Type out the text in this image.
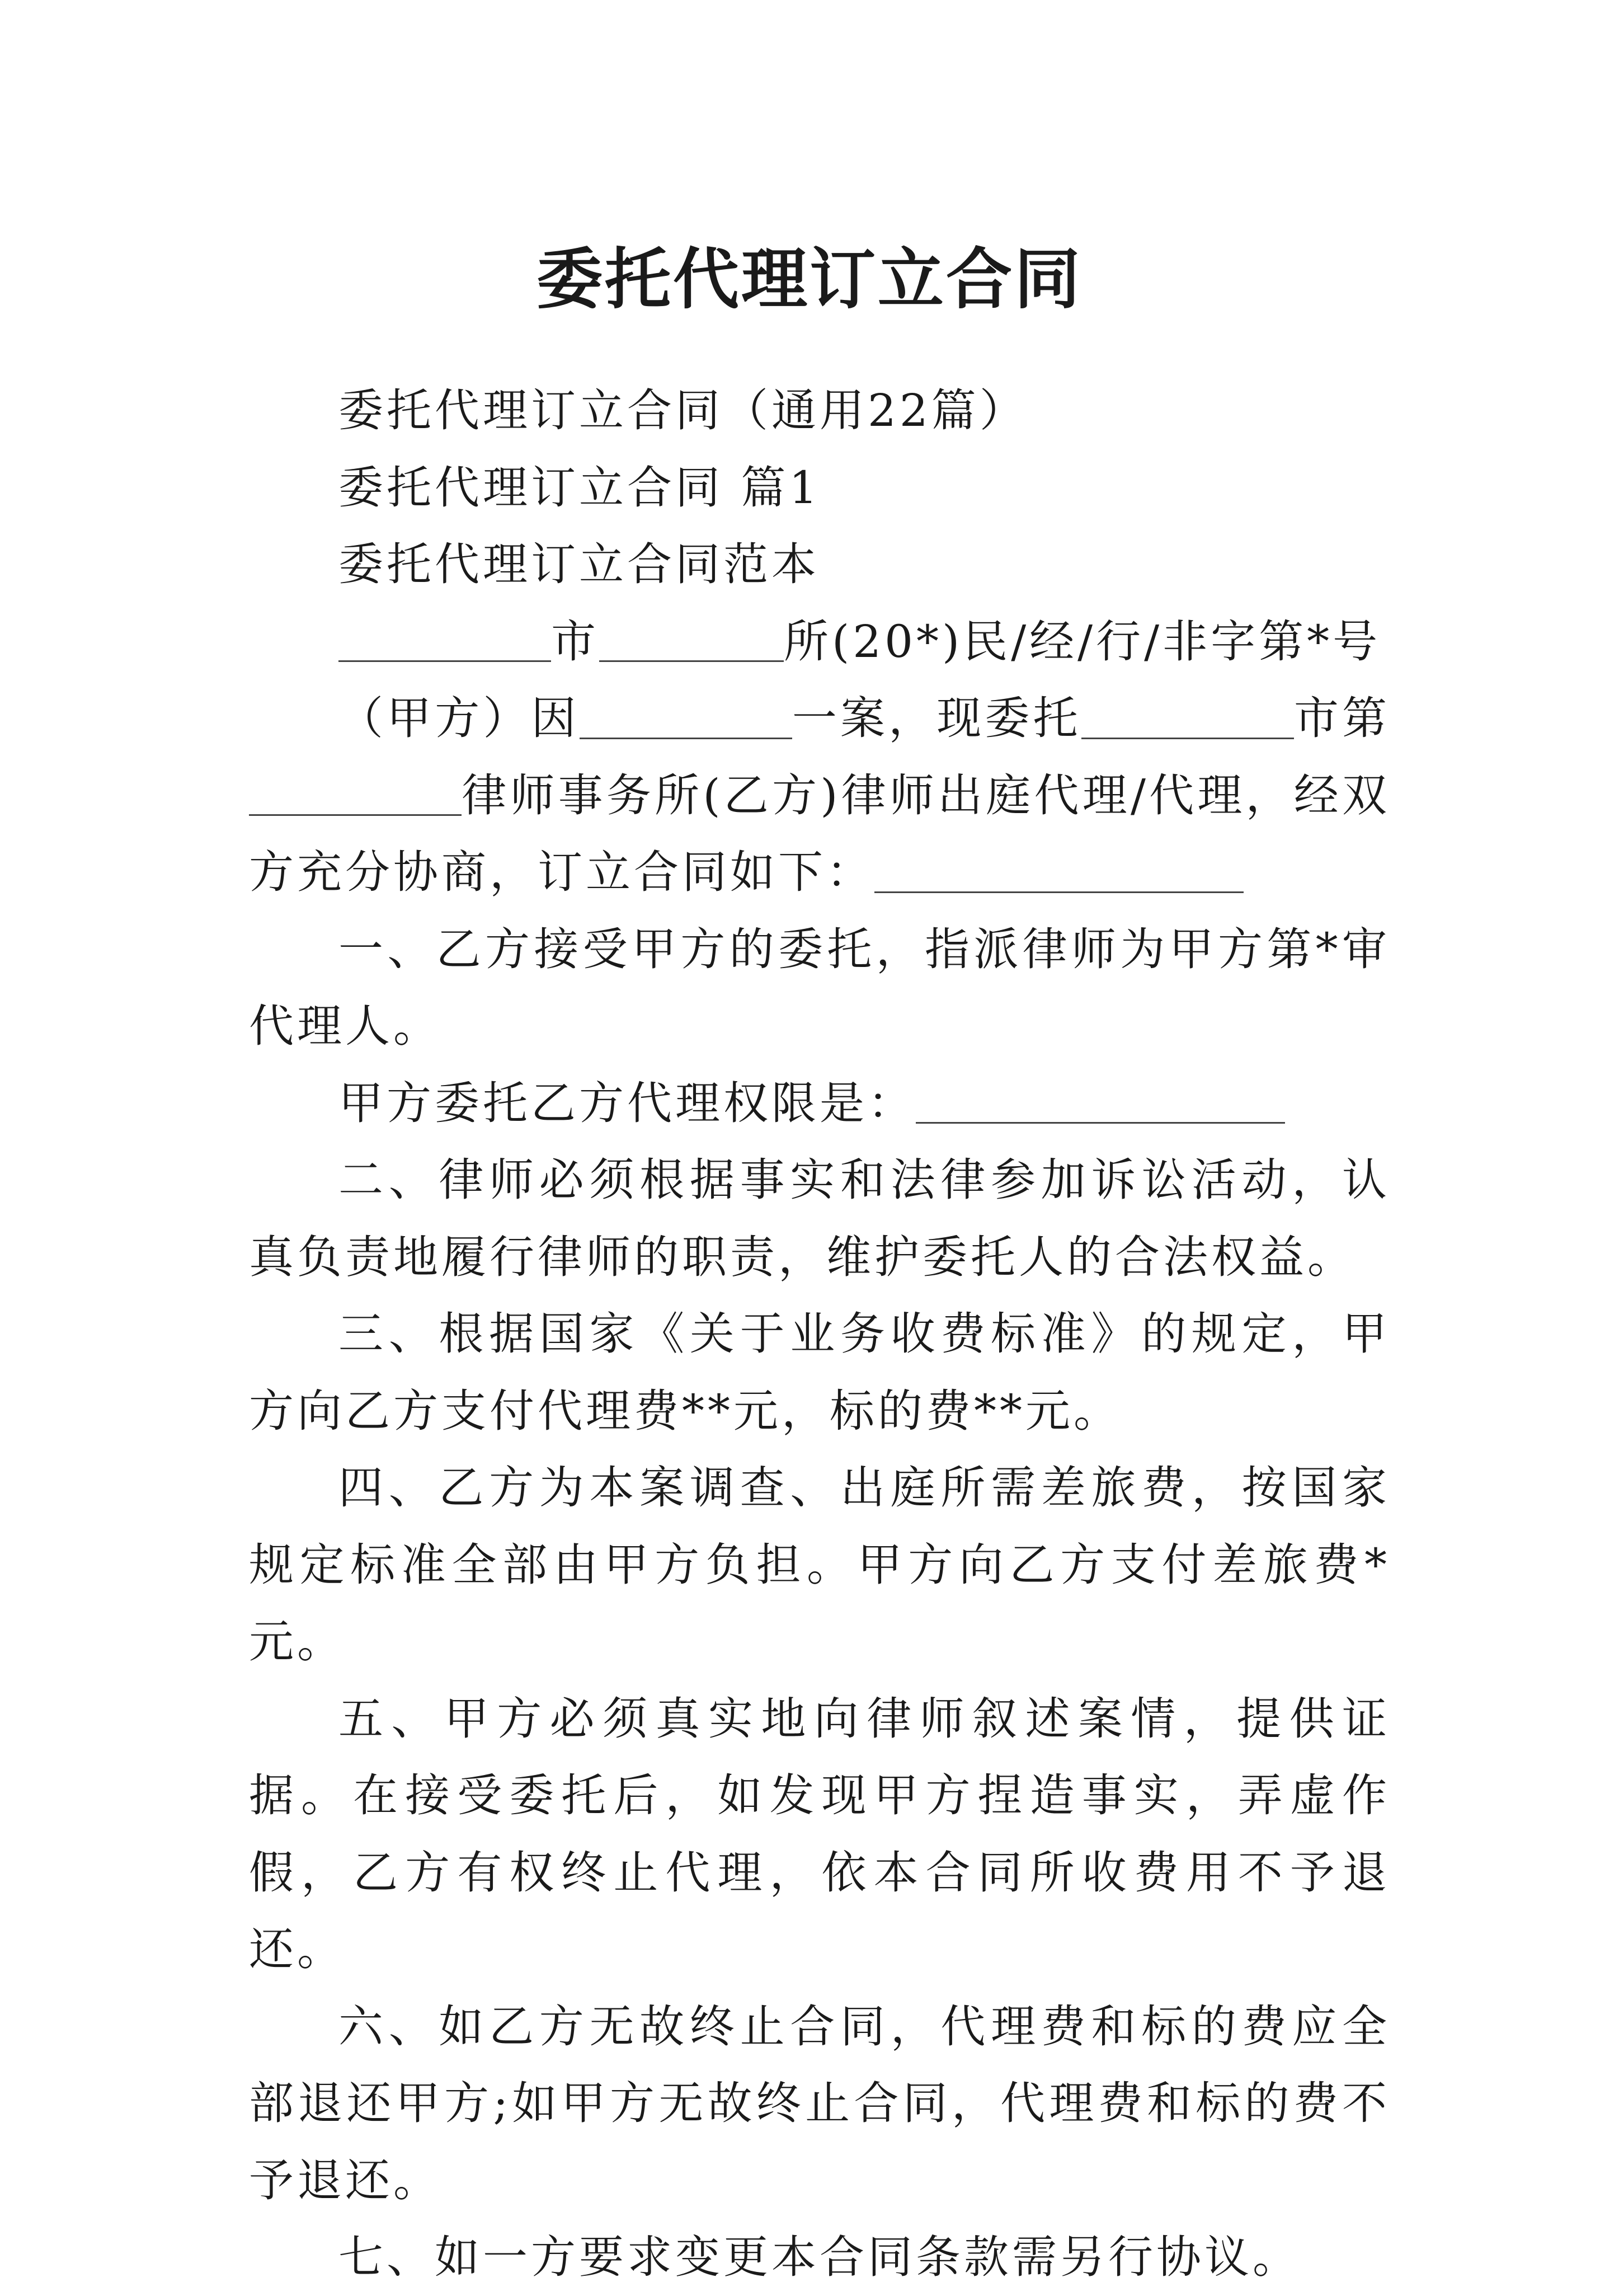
委托代理订立合同

委托代理订立合同（通用22篇）

委托代理订立合同 篇1

委托代理订立合同范本

市	所(20*)民/经/行/非字第*号

（甲方）因	一案，现委托	市第律师事务所(乙方)律师出庭代理/代理，经双方充分协商，订立合同如下：

一、乙方接受甲方的委托，指派律师为甲方第*审代理人。

甲方委托乙方代理权限是：

二、律师必须根据事实和法律参加诉讼活动，认真负责地履行律师的职责，维护委托人的合法权益。

三、根据国家《关于业务收费标准》的规定，甲方向乙方支付代理费**元，标的费**元。

四、乙方为本案调查、出庭所需差旅费，按国家规定标准全部由甲方负担。甲方向乙方支付差旅费*元。

五、甲方必须真实地向律师叙述案情，提供证据。在接受委托后，如发现甲方捏造事实，弄虚作假，乙方有权终止代理，依本合同所收费用不予退还。

六、如乙方无故终止合同，代理费和标的费应全部退还甲方;如甲方无故终止合同，代理费和标的费不予退还。

七、如一方要求变更本合同条款需另行协议。
